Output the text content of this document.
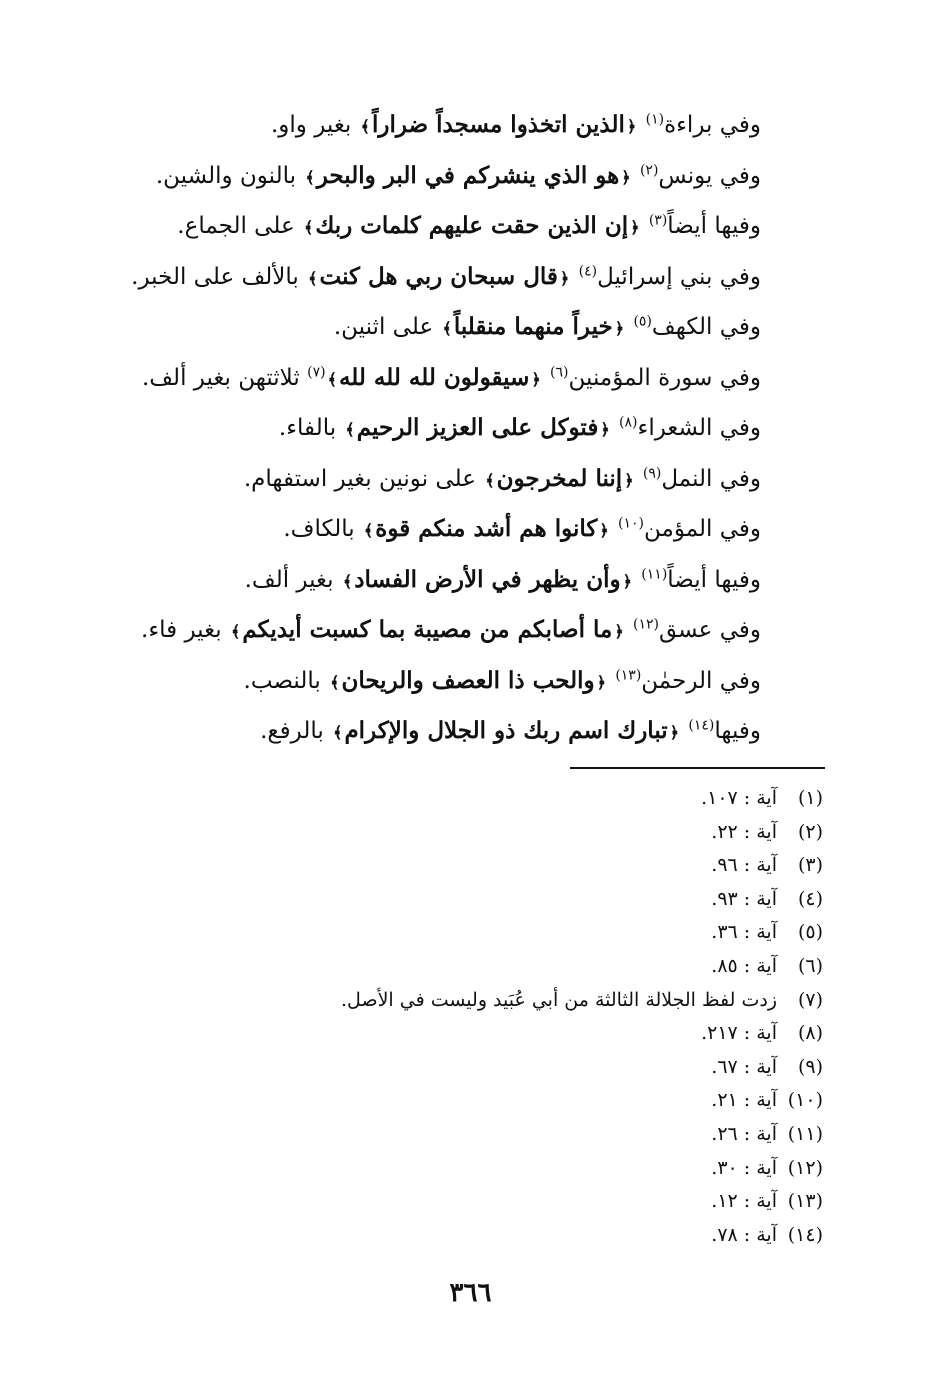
وفي براءة$^{(١)}$ ﴿الذين اتخذوا مسجداً ضراراً﴾ بغير واو.
وفي يونس$^{(٢)}$ ﴿هو الذي ينشركم في البر والبحر﴾ بالنون والشين.
وفيها أيضاً$^{(٣)}$ ﴿إن الذين حقت عليهم كلمات ربك﴾ على الجماع.
وفي بني إسرائيل$^{(٤)}$ ﴿قال سبحان ربي هل كنت﴾ بالألف على الخبر.
وفي الكهف$^{(٥)}$ ﴿خيراً منهما منقلباً﴾ على اثنين.
وفي سورة المؤمنين$^{(٦)}$ ﴿سيقولون لله لله لله﴾$^{(٧)}$ ثلاثتهن بغير ألف.
وفي الشعراء$^{(٨)}$ ﴿فتوكل على العزيز الرحيم﴾ بالفاء.
وفي النمل$^{(٩)}$ ﴿إننا لمخرجون﴾ على نونين بغير استفهام.
وفي المؤمن$^{(١٠)}$ ﴿كانوا هم أشد منكم قوة﴾ بالكاف.
وفيها أيضاً$^{(١١)}$ ﴿وأن يظهر في الأرض الفساد﴾ بغير ألف.
وفي عسق$^{(١٢)}$ ﴿ما أصابكم من مصيبة بما كسبت أيديكم﴾ بغير فاء.
وفي الرحمٰن$^{(١٣)}$ ﴿والحب ذا العصف والريحان﴾ بالنصب.
وفيها$^{(١٤)}$ ﴿تبارك اسم ربك ذو الجلال والإكرام﴾ بالرفع.
(١)آية : ١٠٧.
(٢)آية : ٢٢.
(٣)آية : ٩٦.
(٤)آية : ٩٣.
(٥)آية : ٣٦.
(٦)آية : ٨٥.
(٧)زدت لفظ الجلالة الثالثة من أبي عُبَيد وليست في الأصل.
(٨)آية : ٢١٧.
(٩)آية : ٦٧.
(١٠)آية : ٢١.
(١١)آية : ٢٦.
(١٢)آية : ٣٠.
(١٣)آية : ١٢.
(١٤)آية : ٧٨.
٣٦٦
